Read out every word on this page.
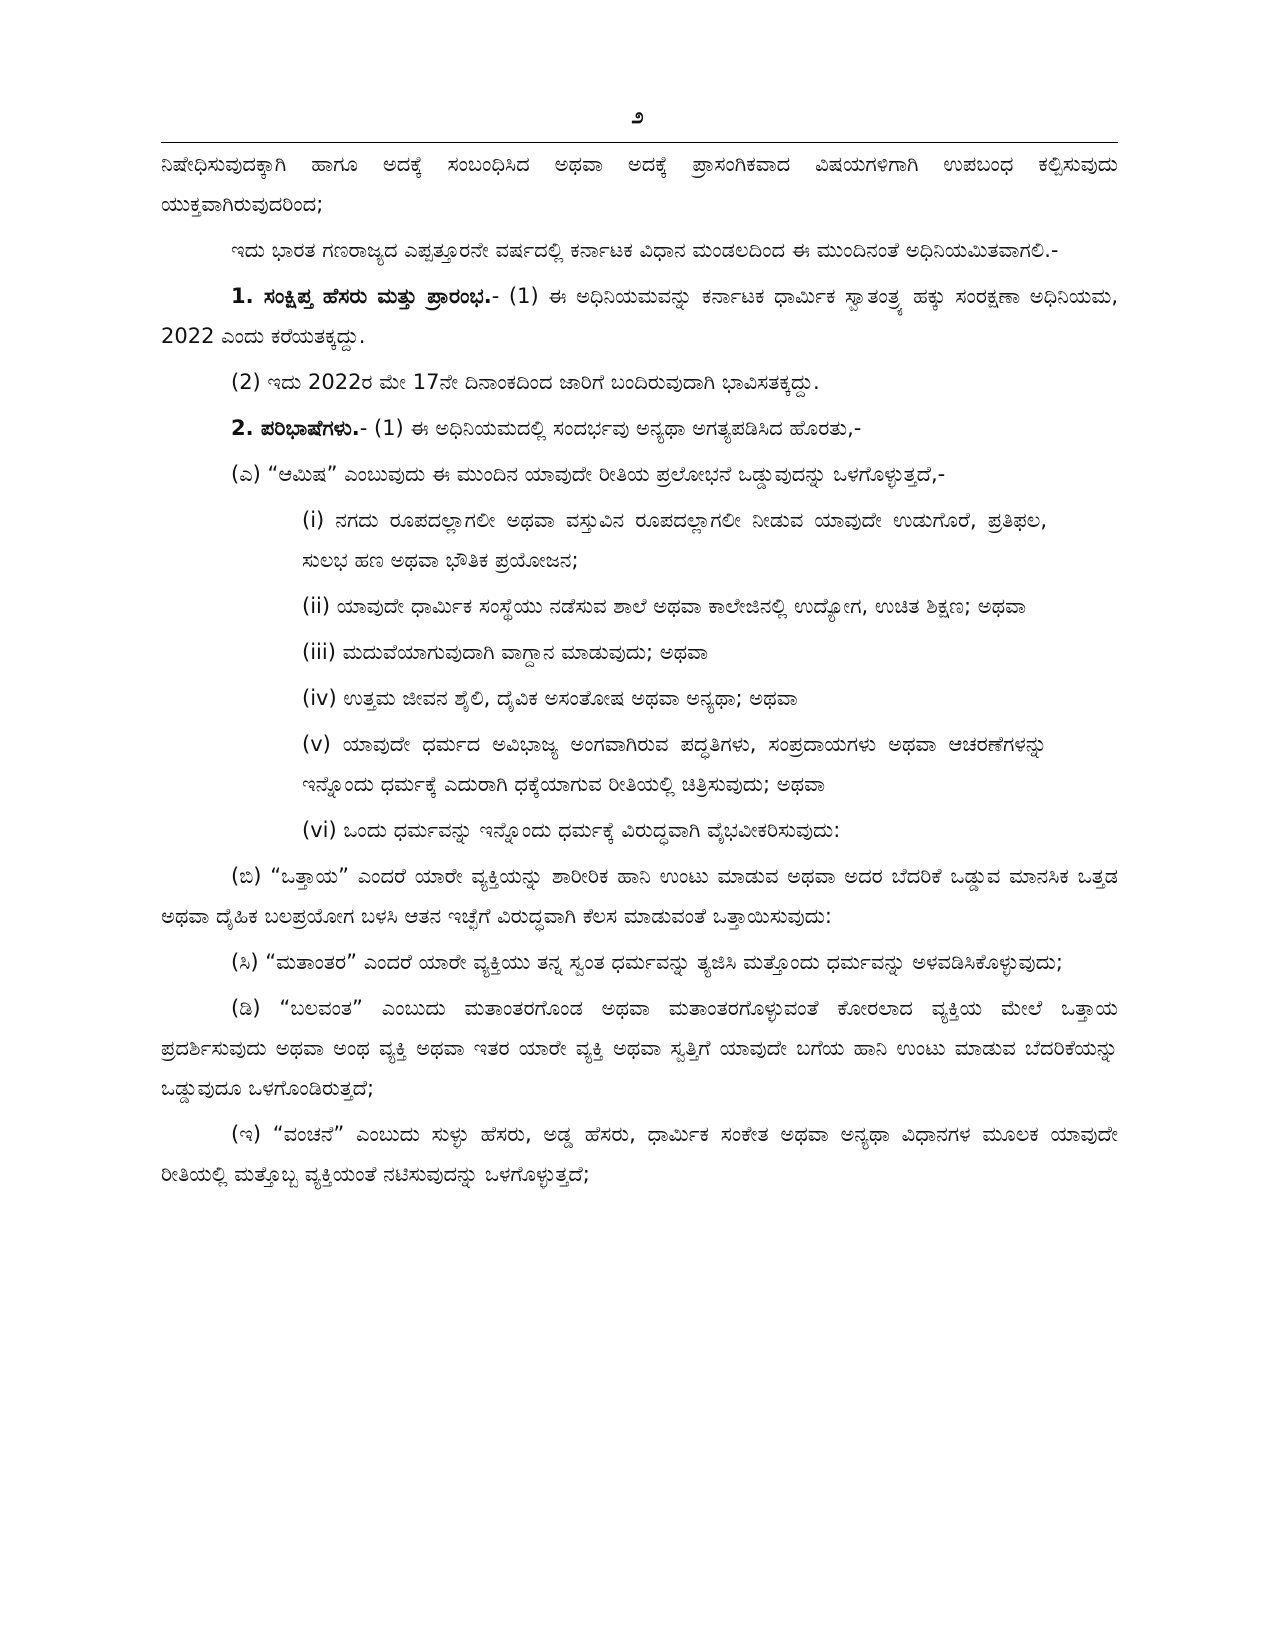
೨

ನಿಷೇಧಿಸುವುದಕ್ಕಾಗಿ ಹಾಗೂ ಅದಕ್ಕೆ ಸಂಬಂಧಿಸಿದ ಅಥವಾ ಅದಕ್ಕೆ ಪ್ರಾಸಂಗಿಕವಾದ ವಿಷಯಗಳಿಗಾಗಿ ಉಪಬಂಧ ಕಲ್ಪಿಸುವುದು ಯುಕ್ತವಾಗಿರುವುದರಿಂದ;

ಇದು ಭಾರತ ಗಣರಾಜ್ಯದ ಎಪ್ಪತ್ತೂರನೇ ವರ್ಷದಲ್ಲಿ ಕರ್ನಾಟಕ ವಿಧಾನ ಮಂಡಲದಿಂದ ಈ ಮುಂದಿನಂತೆ ಅಧಿನಿಯಮಿತವಾಗಲಿ.-

1. ಸಂಕ್ಷಿಪ್ತ ಹೆಸರು ಮತ್ತು ಪ್ರಾರಂಭ.- (1) ಈ ಅಧಿನಿಯಮವನ್ನು ಕರ್ನಾಟಕ ಧಾರ್ಮಿಕ ಸ್ವಾತಂತ್ರ್ಯ ಹಕ್ಕು ಸಂರಕ್ಷಣಾ ಅಧಿನಿಯಮ, 2022 ಎಂದು ಕರೆಯತಕ್ಕದ್ದು.

(2) ಇದು 2022ರ ಮೇ 17ನೇ ದಿನಾಂಕದಿಂದ ಜಾರಿಗೆ ಬಂದಿರುವುದಾಗಿ ಭಾವಿಸತಕ್ಕದ್ದು.

2. ಪರಿಭಾಷೆಗಳು.- (1) ಈ ಅಧಿನಿಯಮದಲ್ಲಿ ಸಂದರ್ಭವು ಅನ್ಯಥಾ ಅಗತ್ಯಪಡಿಸಿದ ಹೊರತು,-

(ಎ) “ಆಮಿಷ” ಎಂಬುವುದು ಈ ಮುಂದಿನ ಯಾವುದೇ ರೀತಿಯ ಪ್ರಲೋಭನೆ ಒಡ್ಡುವುದನ್ನು ಒಳಗೊಳ್ಳುತ್ತದೆ,-

(i) ನಗದು ರೂಪದಲ್ಲಾಗಲೀ ಅಥವಾ ವಸ್ತುವಿನ ರೂಪದಲ್ಲಾಗಲೀ ನೀಡುವ ಯಾವುದೇ ಉಡುಗೊರೆ, ಪ್ರತಿಫಲ, ಸುಲಭ ಹಣ ಅಥವಾ ಭೌತಿಕ ಪ್ರಯೋಜನ;

(ii) ಯಾವುದೇ ಧಾರ್ಮಿಕ ಸಂಸ್ಥೆಯು ನಡೆಸುವ ಶಾಲೆ ಅಥವಾ ಕಾಲೇಜಿನಲ್ಲಿ ಉದ್ಯೋಗ, ಉಚಿತ ಶಿಕ್ಷಣ; ಅಥವಾ

(iii) ಮದುವೆಯಾಗುವುದಾಗಿ ವಾಗ್ದಾನ ಮಾಡುವುದು; ಅಥವಾ

(iv) ಉತ್ತಮ ಜೀವನ ಶೈಲಿ, ದೈವಿಕ ಅಸಂತೋಷ ಅಥವಾ ಅನ್ಯಥಾ; ಅಥವಾ

(v) ಯಾವುದೇ ಧರ್ಮದ ಅವಿಭಾಜ್ಯ ಅಂಗವಾಗಿರುವ ಪದ್ಧತಿಗಳು, ಸಂಪ್ರದಾಯಗಳು ಅಥವಾ ಆಚರಣೆಗಳನ್ನು ಇನ್ನೊಂದು ಧರ್ಮಕ್ಕೆ ಎದುರಾಗಿ ಧಕ್ಕೆಯಾಗುವ ರೀತಿಯಲ್ಲಿ ಚಿತ್ರಿಸುವುದು; ಅಥವಾ

(vi) ಒಂದು ಧರ್ಮವನ್ನು ಇನ್ನೊಂದು ಧರ್ಮಕ್ಕೆ ವಿರುದ್ಧವಾಗಿ ವೈಭವೀಕರಿಸುವುದು:

(ಬಿ) “ಒತ್ತಾಯ” ಎಂದರೆ ಯಾರೇ ವ್ಯಕ್ತಿಯನ್ನು ಶಾರೀರಿಕ ಹಾನಿ ಉಂಟು ಮಾಡುವ ಅಥವಾ ಅದರ ಬೆದರಿಕೆ ಒಡ್ಡುವ ಮಾನಸಿಕ ಒತ್ತಡ ಅಥವಾ ದೈಹಿಕ ಬಲಪ್ರಯೋಗ ಬಳಸಿ ಆತನ ಇಚ್ಛೆಗೆ ವಿರುದ್ಧವಾಗಿ ಕೆಲಸ ಮಾಡುವಂತೆ ಒತ್ತಾಯಿಸುವುದು:

(ಸಿ) “ಮತಾಂತರ” ಎಂದರೆ ಯಾರೇ ವ್ಯಕ್ತಿಯು ತನ್ನ ಸ್ವಂತ ಧರ್ಮವನ್ನು ತ್ಯಜಿಸಿ ಮತ್ತೊಂದು ಧರ್ಮವನ್ನು ಅಳವಡಿಸಿಕೊಳ್ಳುವುದು;

(ಡಿ) “ಬಲವಂತ” ಎಂಬುದು ಮತಾಂತರಗೊಂಡ ಅಥವಾ ಮತಾಂತರಗೊಳ್ಳುವಂತೆ ಕೋರಲಾದ ವ್ಯಕ್ತಿಯ ಮೇಲೆ ಒತ್ತಾಯ ಪ್ರದರ್ಶಿಸುವುದು ಅಥವಾ ಅಂಥ ವ್ಯಕ್ತಿ ಅಥವಾ ಇತರ ಯಾರೇ ವ್ಯಕ್ತಿ ಅಥವಾ ಸ್ವತ್ತಿಗೆ ಯಾವುದೇ ಬಗೆಯ ಹಾನಿ ಉಂಟು ಮಾಡುವ ಬೆದರಿಕೆಯನ್ನು ಒಡ್ಡುವುದೂ ಒಳಗೊಂಡಿರುತ್ತದೆ;

(ಇ) “ವಂಚನೆ” ಎಂಬುದು ಸುಳ್ಳು ಹೆಸರು, ಅಡ್ಡ ಹೆಸರು, ಧಾರ್ಮಿಕ ಸಂಕೇತ ಅಥವಾ ಅನ್ಯಥಾ ವಿಧಾನಗಳ ಮೂಲಕ ಯಾವುದೇ ರೀತಿಯಲ್ಲಿ ಮತ್ತೊಬ್ಬ ವ್ಯಕ್ತಿಯಂತೆ ನಟಿಸುವುದನ್ನು ಒಳಗೊಳ್ಳುತ್ತದೆ;
